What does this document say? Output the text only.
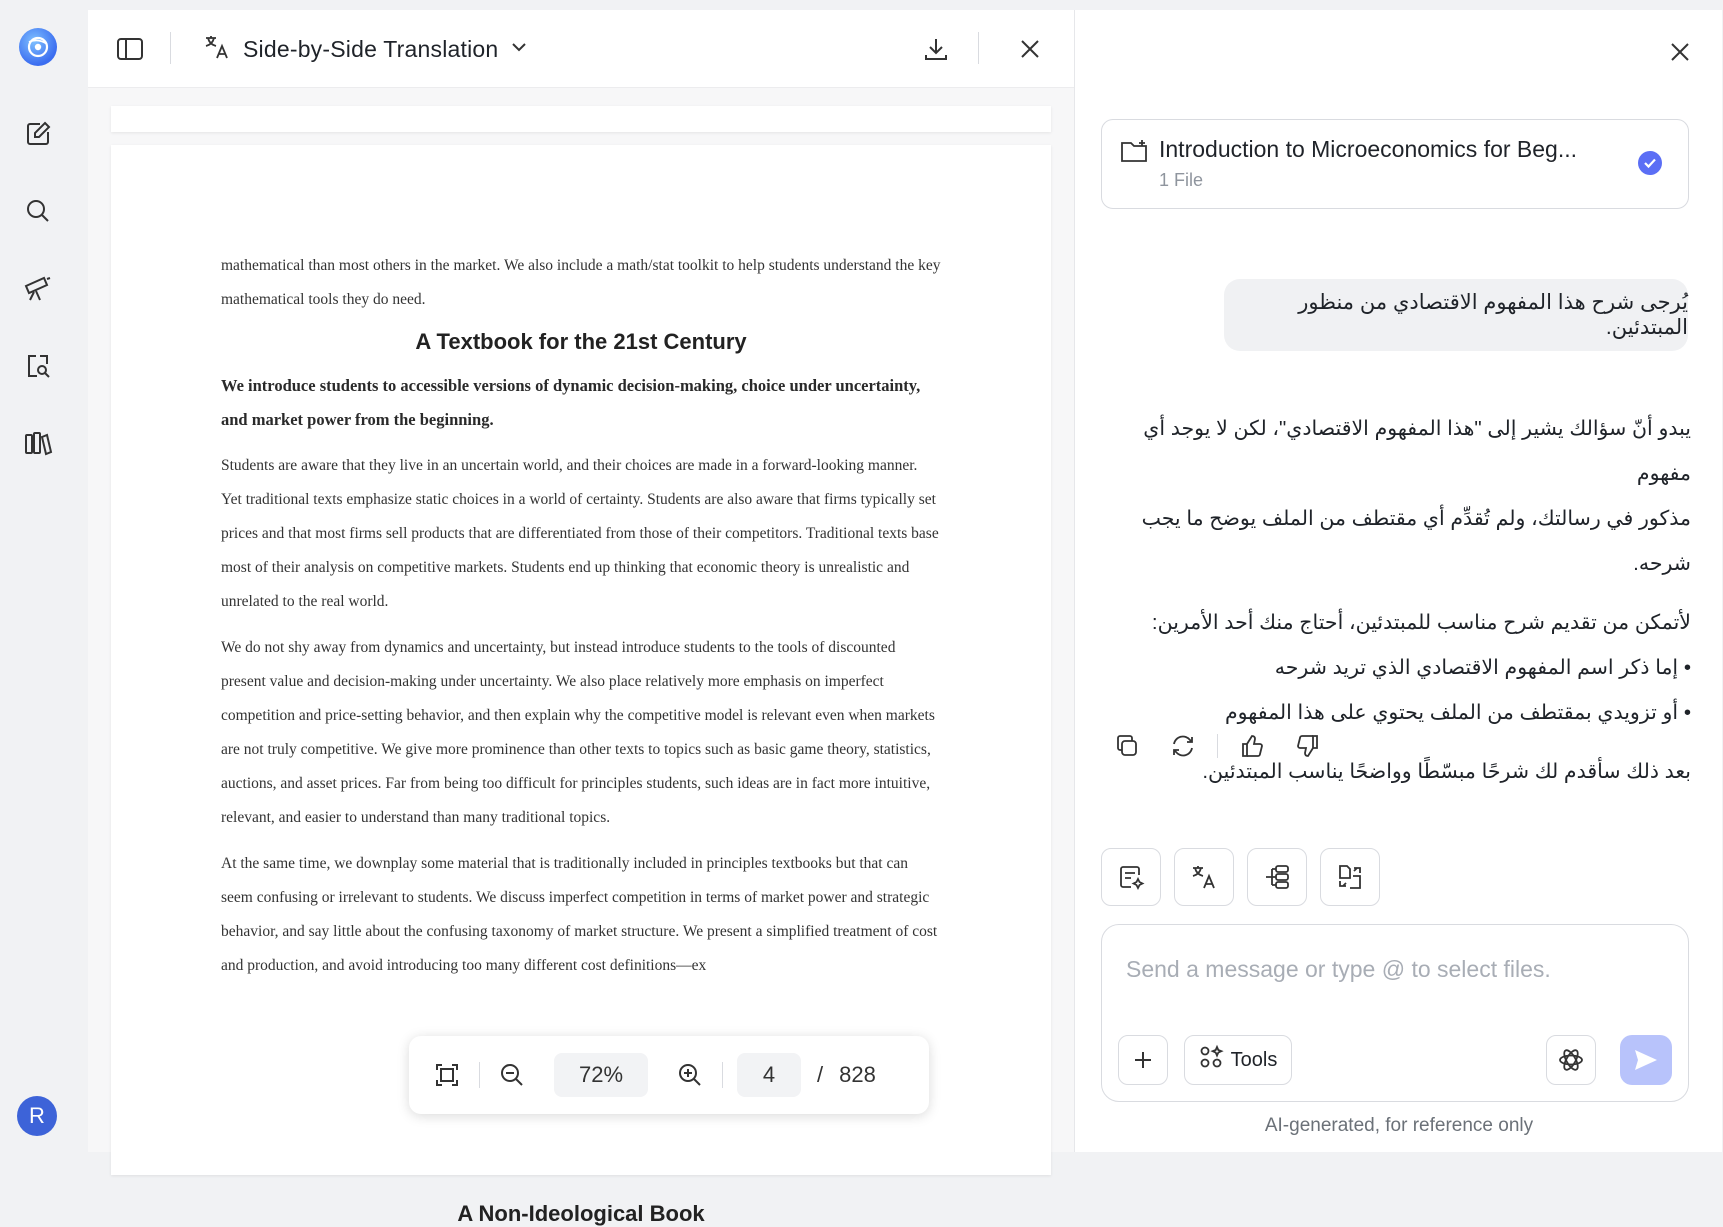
R
Side-by-Side Translation

mathematical than most others in the market. We also include a math/stat toolkit to help students understand the key mathematical tools they do need.

A Textbook for the 21st Century

We introduce students to accessible versions of dynamic decision-making, choice under uncertainty, and market power from the beginning.

Students are aware that they live in an uncertain world, and their choices are made in a forward-looking manner. Yet traditional texts emphasize static choices in a world of certainty. Students are also aware that firms typically set prices and that most firms sell products that are differentiated from those of their competitors. Traditional texts base most of their analysis on competitive markets. Students end up thinking that economic theory is unrealistic and unrelated to the real world.

We do not shy away from dynamics and uncertainty, but instead introduce students to the tools of discounted present value and decision-making under uncertainty. We also place relatively more emphasis on imperfect competition and price-setting behavior, and then explain why the competitive model is relevant even when markets are not truly competitive. We give more prominence than other texts to topics such as basic game theory, statistics, auctions, and asset prices. Far from being too difficult for principles students, such ideas are in fact more intuitive, relevant, and easier to understand than many traditional topics.

At the same time, we downplay some material that is traditionally included in principles textbooks but that can seem confusing or irrelevant to students. We discuss imperfect competition in terms of market power and strategic behavior, and say little about the confusing taxonomy of market structure. We present a simplified treatment of cost and production, and avoid introducing too many different cost definitions—ex

A Non-Ideological Book
72%	4	/ 828
Introduction to Microeconomics for Beg...
1 File
يُرجى شرح هذا المفهوم الاقتصادي من منظور المبتدئين.
يبدو أنّ سؤالك يشير إلى "هذا المفهوم الاقتصادي"، لكن لا يوجد أي مفهوم
مذكور في رسالتك، ولم تُقدِّم أي مقتطف من الملف يوضح ما يجب شرحه.
لأتمكن من تقديم شرح مناسب للمبتدئين، أحتاج منك أحد الأمرين:
• إما ذكر اسم المفهوم الاقتصادي الذي تريد شرحه
• أو تزويدي بمقتطف من الملف يحتوي على هذا المفهوم
بعد ذلك سأقدم لك شرحًا مبسّطًا وواضحًا يناسب المبتدئين.
Send a message or type @ to select files.
Tools
AI-generated, for reference only
